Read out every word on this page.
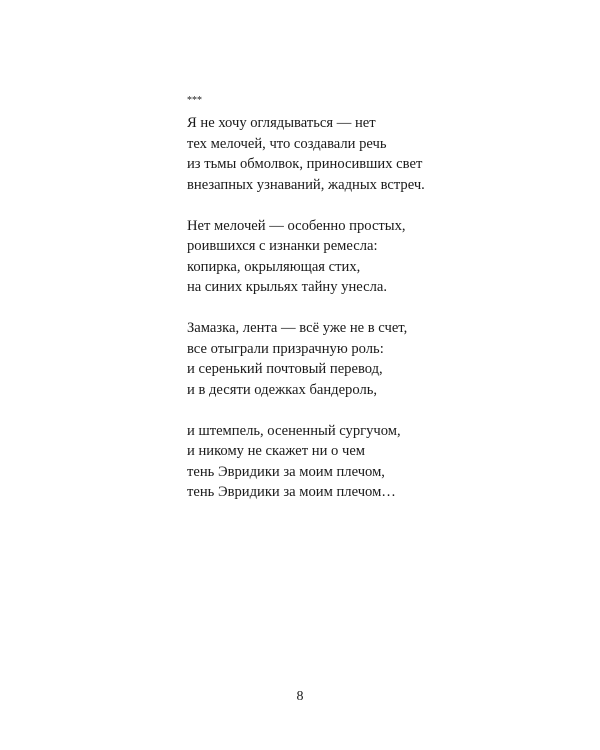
***
Я не хочу оглядываться — нет
тех мелочей, что создавали речь
из тьмы обмолвок, приносивших свет
внезапных узнаваний, жадных встреч.
Нет мелочей — особенно простых,
роившихся с изнанки ремесла:
копирка, окрыляющая стих,
на синих крыльях тайну унесла.
Замазка, лента — всё уже не в счет,
все отыграли призрачную роль:
и серенький почтовый перевод,
и в десяти одежках бандероль,
и штемпель, осененный сургучом,
и никому не скажет ни о чем
тень Эвридики за моим плечом,
тень Эвридики за моим плечом…
8
